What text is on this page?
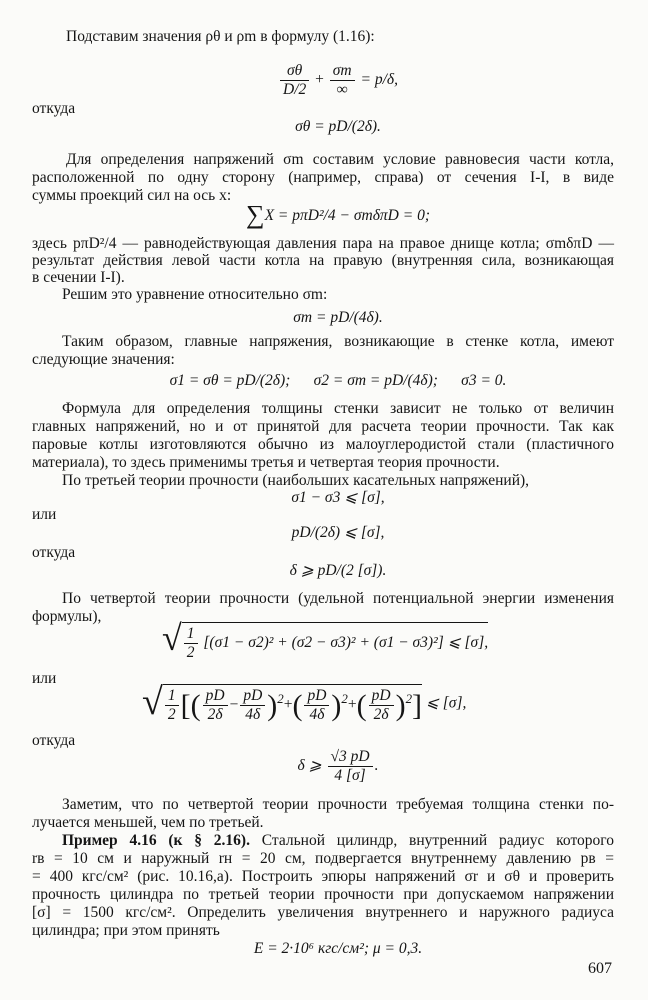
Подставим значения ρθ и ρm в формулу (1.16):
$\frac{\sigma\theta}{D/2} + \frac{\sigma m}{\infty} = p/\delta$,
откуда
σθ = pD/(2δ).
Для определения напряжений σm составим условие равновесия части котла,
расположенной по одну сторону (например, справа) от сечения I-I, в виде
суммы проекций сил на ось x:
∑X = pπD²/4 − σmδπD = 0;
здесь pπD²/4 — равнодействующая давления пара на правое днище котла; σmδπD —
результат действия левой части котла на правую (внутренняя сила, возникающая
в сечении I-I).
Решим это уравнение относительно σm:
σm = pD/(4δ).
Таким образом, главные напряжения, возникающие в стенке котла, имеют
следующие значения:
σ1 = σθ = pD/(2δ);      σ2 = σm = pD/(4δ);      σ3 = 0.
Формула для определения толщины стенки зависит не только от величин
главных напряжений, но и от принятой для расчета теории прочности. Так как
паровые котлы изготовляются обычно из малоуглеродистой стали (пластичного
материала), то здесь применимы третья и четвертая теория прочности.
По третьей теории прочности (наибольших касательных напряжений),
σ1 − σ3 ⩽ [σ],
или
pD/(2δ) ⩽ [σ],
откуда
δ ⩾ pD/(2 [σ]).
По четвертой теории прочности (удельной потенциальной энергии изменения
формулы),
√ $\frac{1}{2} [(\sigma 1 - \sigma 2)^2 + (\sigma 2 - \sigma 3)^2 + (\sigma 1 - \sigma 3)^2]$ ⩽ [σ],
или
√ $\frac{1}{2}$ [( $\frac{pD}{2\delta} - \frac{pD}{4\delta} )^2+( \frac{pD}{4\delta} )^2+( \frac{pD}{2\delta} )^2$] ⩽ [σ],
откуда
δ ⩾ $\frac{√3 pD}{4 [\sigma]}$ .
Заметим, что по четвертой теории прочности требуемая толщина стенки по-
лучается меньшей, чем по третьей.
Пример 4.16 (к § 2.16). Стальной цилиндр, внутренний радиус которого
rв = 10 см и наружный rн = 20 см, подвергается внутреннему давлению pв =
= 400 кгс/см² (рис. 10.16,а). Построить эпюры напряжений σr и σθ и проверить
прочность цилиндра по третьей теории прочности при допускаемом напряжении
[σ] = 1500 кгс/см². Определить увеличения внутреннего и наружного радиуса
цилиндра; при этом принять
E = 2·10⁶ кгс/см²; μ = 0,3.
607
